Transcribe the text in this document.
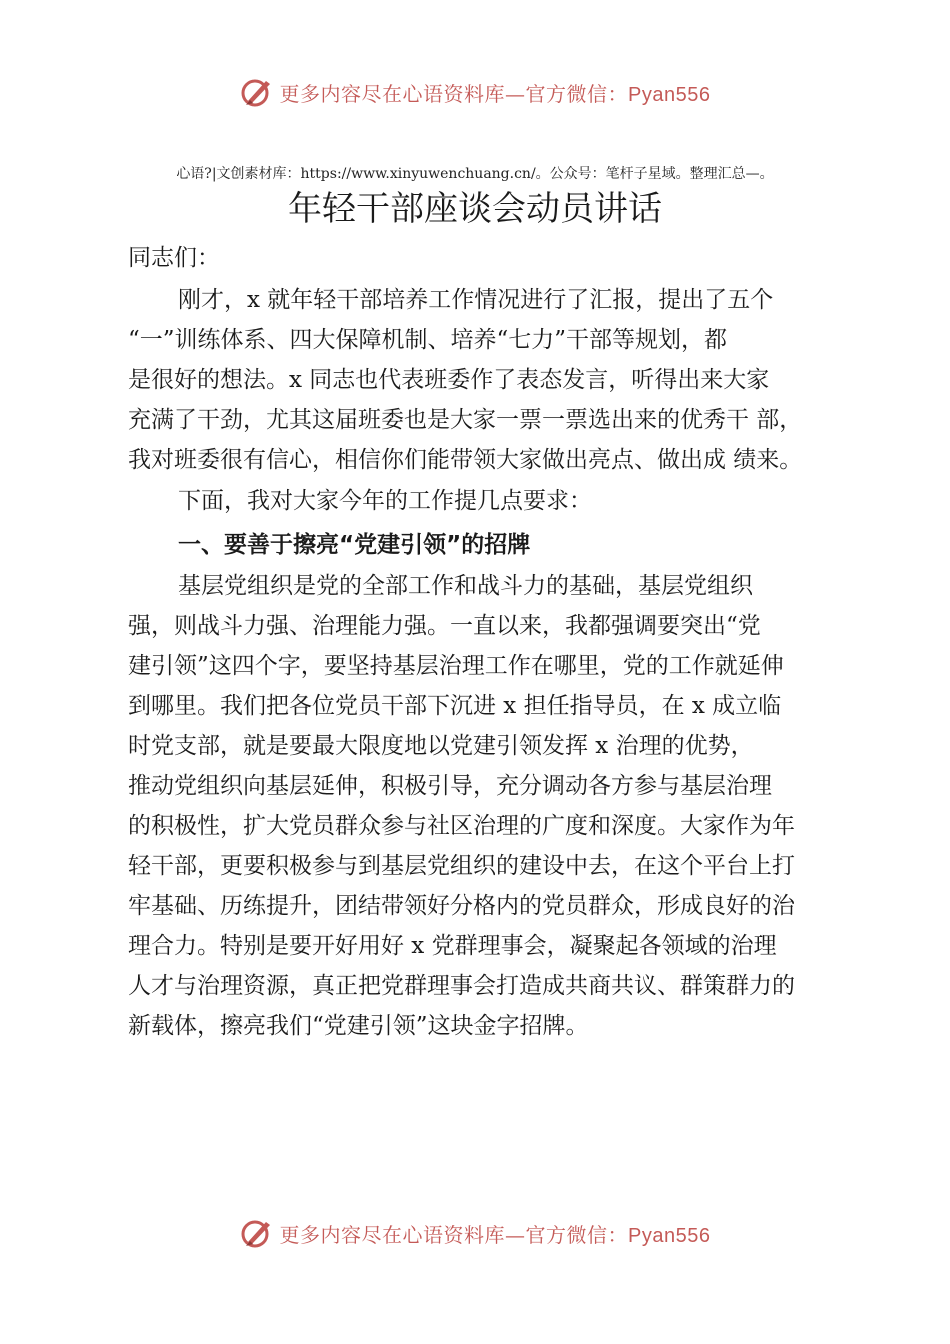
更多内容尽在心语资料库—官方微信：Pyan556
心语?|文创素材库：https://www.xinyuwenchuang.cn/。公众号：笔杆子星域。整理汇总—。
年轻干部座谈会动员讲话
同志们：
刚才，x 就年轻干部培养工作情况进行了汇报，提出了五个
“一”训练体系、四大保障机制、培养“七力”干部等规划，都
是很好的想法。x 同志也代表班委作了表态发言，听得出来大家
充满了干劲，尤其这届班委也是大家一票一票选出来的优秀干 部，
我对班委很有信心，相信你们能带领大家做出亮点、做出成 绩来。
下面，我对大家今年的工作提几点要求：
一、要善于擦亮“党建引领”的招牌
基层党组织是党的全部工作和战斗力的基础，基层党组织
强，则战斗力强、治理能力强。一直以来，我都强调要突出“党
建引领”这四个字，要坚持基层治理工作在哪里，党的工作就延伸
到哪里。我们把各位党员干部下沉进 x 担任指导员，在 x 成立临
时党支部，就是要最大限度地以党建引领发挥 x 治理的优势，
推动党组织向基层延伸，积极引导，充分调动各方参与基层治理
的积极性，扩大党员群众参与社区治理的广度和深度。大家作为年
轻干部，更要积极参与到基层党组织的建设中去，在这个平台上打
牢基础、历练提升，团结带领好分格内的党员群众，形成良好的治
理合力。特别是要开好用好 x 党群理事会，凝聚起各领域的治理
人才与治理资源，真正把党群理事会打造成共商共议、群策群力的
新载体，擦亮我们“党建引领”这块金字招牌。
更多内容尽在心语资料库—官方微信：Pyan556
